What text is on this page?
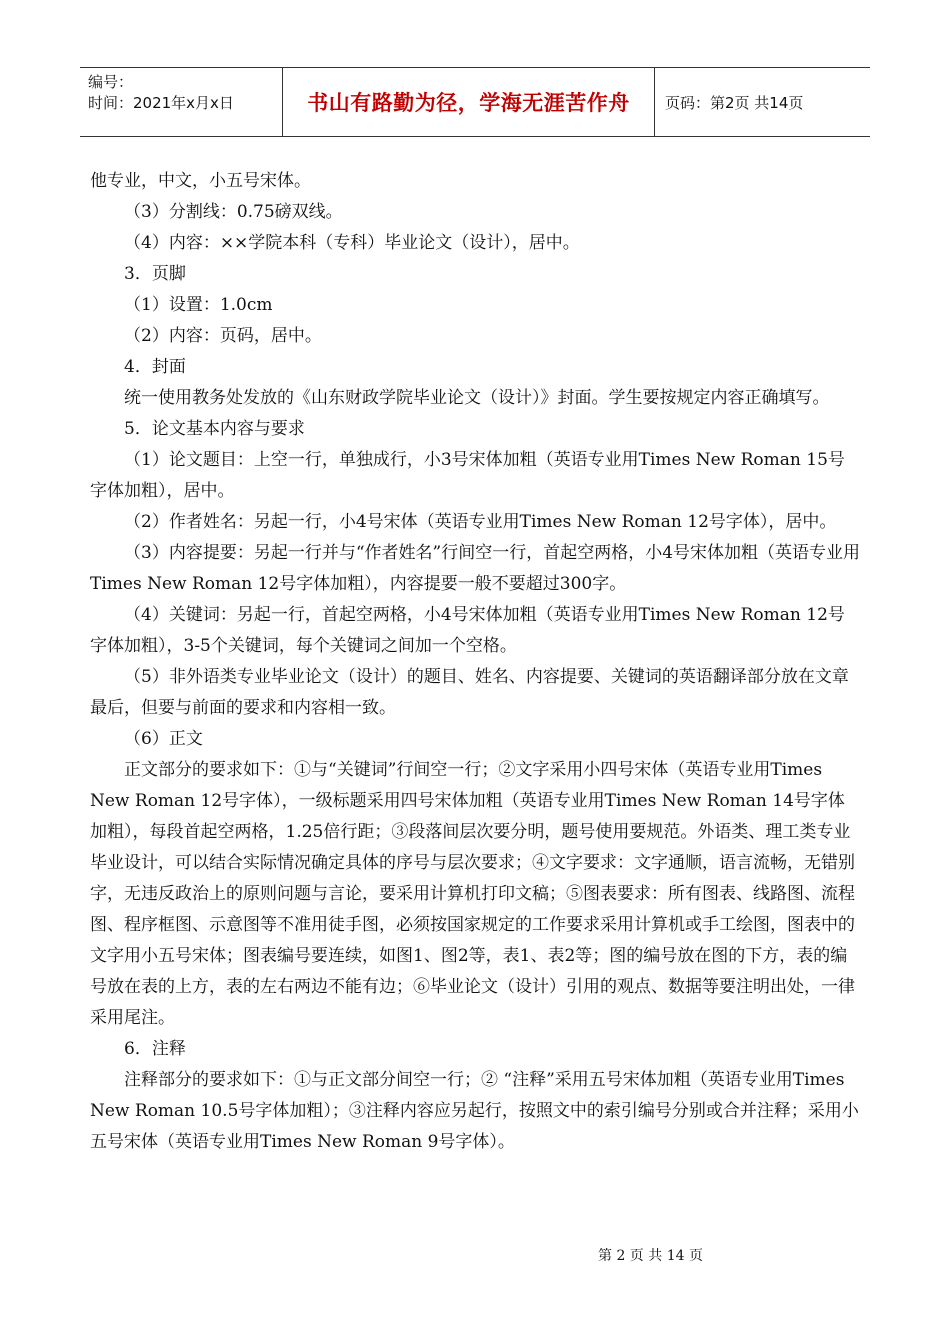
编号：
时间：2021年x月x日	书山有路勤为径，学海无涯苦作舟	页码：第2页 共14页

他专业，中文，小五号宋体。

（3）分割线：0.75磅双线。

（4）内容：××学院本科（专科）毕业论文（设计），居中。

3．页脚

（1）设置：1.0cm

（2）内容：页码，居中。

4．封面

统一使用教务处发放的《山东财政学院毕业论文（设计）》封面。学生要按规定内容正确填写。

5．论文基本内容与要求

（1）论文题目：上空一行，单独成行，小3号宋体加粗（英语专业用Times New Roman 15号字体加粗），居中。

（2）作者姓名：另起一行，小4号宋体（英语专业用Times New Roman 12号字体），居中。

（3）内容提要：另起一行并与“作者姓名”行间空一行，首起空两格，小4号宋体加粗（英语专业用Times New Roman 12号字体加粗），内容提要一般不要超过300字。

（4）关键词：另起一行，首起空两格，小4号宋体加粗（英语专业用Times New Roman 12号字体加粗），3-5个关键词，每个关键词之间加一个空格。

（5）非外语类专业毕业论文（设计）的题目、姓名、内容提要、关键词的英语翻译部分放在文章最后，但要与前面的要求和内容相一致。

（6）正文

正文部分的要求如下：①与“关键词”行间空一行；②文字采用小四号宋体（英语专业用Times New Roman 12号字体），一级标题采用四号宋体加粗（英语专业用Times New Roman 14号字体加粗），每段首起空两格，1.25倍行距；③段落间层次要分明，题号使用要规范。外语类、理工类专业毕业设计，可以结合实际情况确定具体的序号与层次要求；④文字要求：文字通顺，语言流畅，无错别字，无违反政治上的原则问题与言论，要采用计算机打印文稿；⑤图表要求：所有图表、线路图、流程图、程序框图、示意图等不准用徒手图，必须按国家规定的工作要求采用计算机或手工绘图，图表中的文字用小五号宋体；图表编号要连续，如图1、图2等，表1、表2等；图的编号放在图的下方，表的编号放在表的上方，表的左右两边不能有边；⑥毕业论文（设计）引用的观点、数据等要注明出处，一律采用尾注。

6．注释

注释部分的要求如下：①与正文部分间空一行；② “注释”采用五号宋体加粗（英语专业用Times New Roman 10.5号字体加粗）；③注释内容应另起行，按照文中的索引编号分别或合并注释；采用小五号宋体（英语专业用Times New Roman 9号字体）。

第 2 页 共 14 页
